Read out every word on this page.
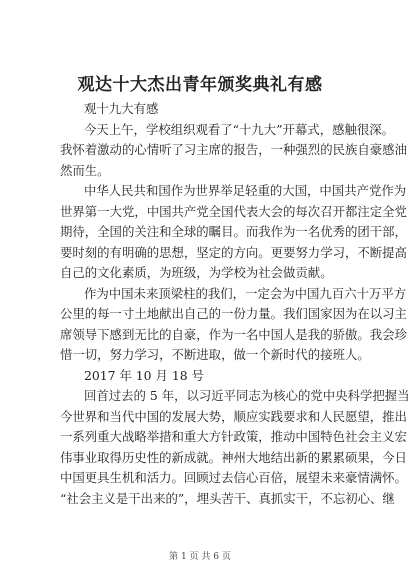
观达十大杰出青年颁奖典礼有感
观十九大有感
今天上午，学校组织观看了“十九大”开幕式，感触很深。
我怀着激动的心情听了习主席的报告，一种强烈的民族自豪感油
然而生。
中华人民共和国作为世界举足轻重的大国，中国共产党作为
世界第一大党，中国共产党全国代表大会的每次召开都注定全党
期待，全国的关注和全球的瞩目。而我作为一名优秀的团干部，
要时刻的有明确的思想，坚定的方向。更要努力学习，不断提高
自己的文化素质，为班级，为学校为社会做贡献。
作为中国未来顶梁柱的我们，一定会为中国九百六十万平方
公里的每一寸土地献出自己的一份力量。我们国家因为在以习主
席领导下感到无比的自豪，作为一名中国人是我的骄傲。我会珍
惜一切，努力学习，不断进取，做一个新时代的接班人。
2017 年 10 月 18 号
回首过去的 5 年，以习近平同志为核心的党中央科学把握当
今世界和当代中国的发展大势，顺应实践要求和人民愿望，推出
一系列重大战略举措和重大方针政策，推动中国特色社会主义宏
伟事业取得历史性的新成就。神州大地结出新的累累硕果，今日
中国更具生机和活力。回顾过去信心百倍，展望未来豪情满怀。
“社会主义是干出来的”，埋头苦干、真抓实干，不忘初心、继
第 1 页 共 6 页
